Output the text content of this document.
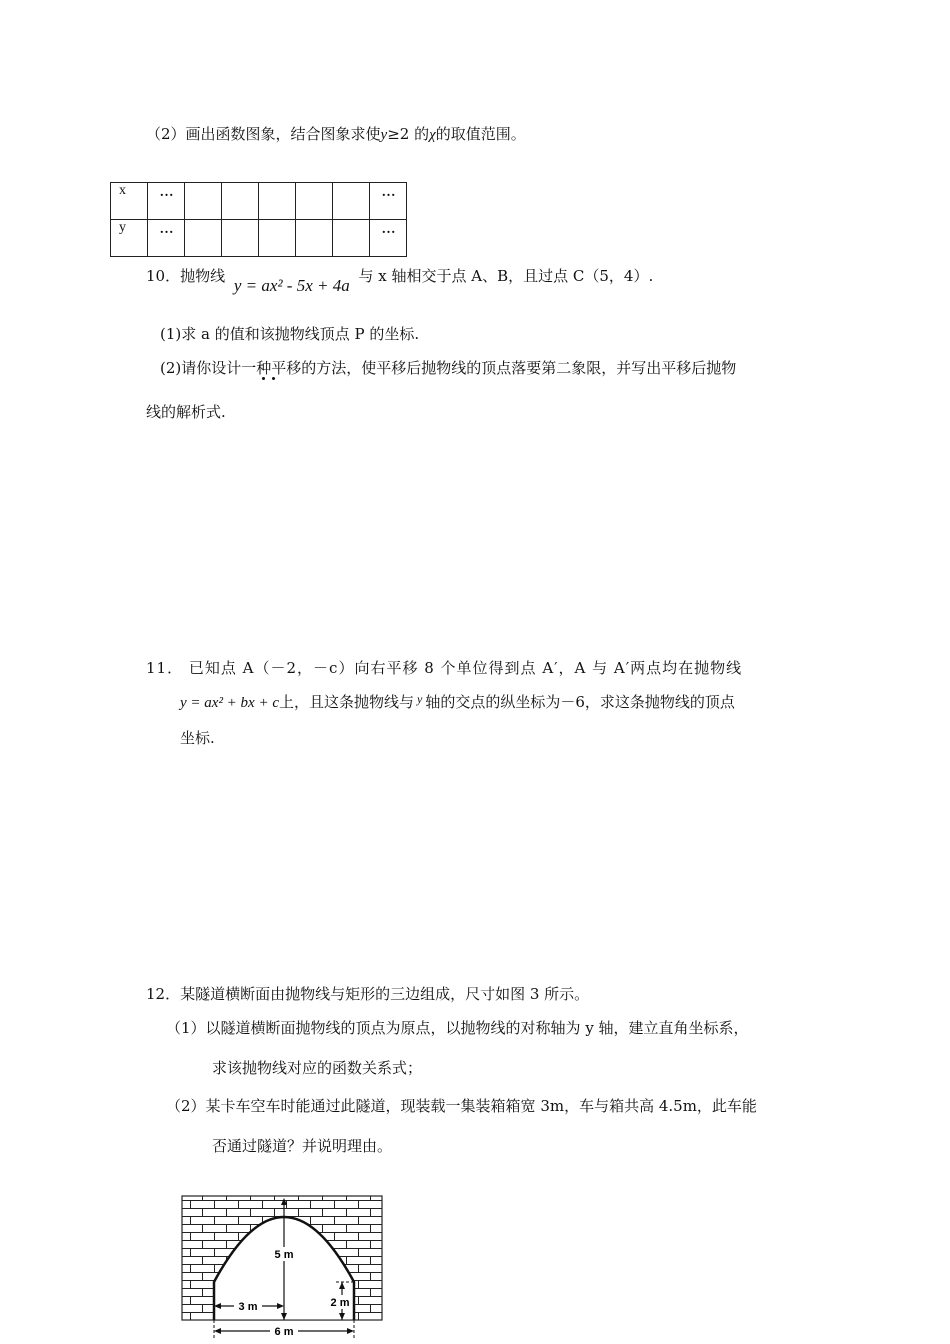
（2）画出函数图象，结合图象求使y≥2 的χ的取值范围。
x	…						…
y	…						…
10．抛物线 y = ax² - 5x + 4a 与 x 轴相交于点 A、B，且过点 C（5，4）.
(1)求 a 的值和该抛物线顶点 P 的坐标.
(2)请你设计一种平移的方法，使平移后抛物线的顶点落要第二象限，并写出平移后抛物
线的解析式.
11． 已知点 A（－2，－c）向右平移 8 个单位得到点 A′，A 与 A′两点均在抛物线
y = ax² + bx + c上，且这条抛物线与 $^y$ 轴的交点的纵坐标为－6，求这条抛物线的顶点
坐标.
12．某隧道横断面由抛物线与矩形的三边组成，尺寸如图 3 所示。
（1）以隧道横断面抛物线的顶点为原点，以抛物线的对称轴为 y 轴，建立直角坐标系，
求该抛物线对应的函数关系式；
（2）某卡车空车时能通过此隧道，现装载一集装箱箱宽 3m，车与箱共高 4.5m，此车能
否通过隧道？并说明理由。
5 m
2 m
3 m
6 m
